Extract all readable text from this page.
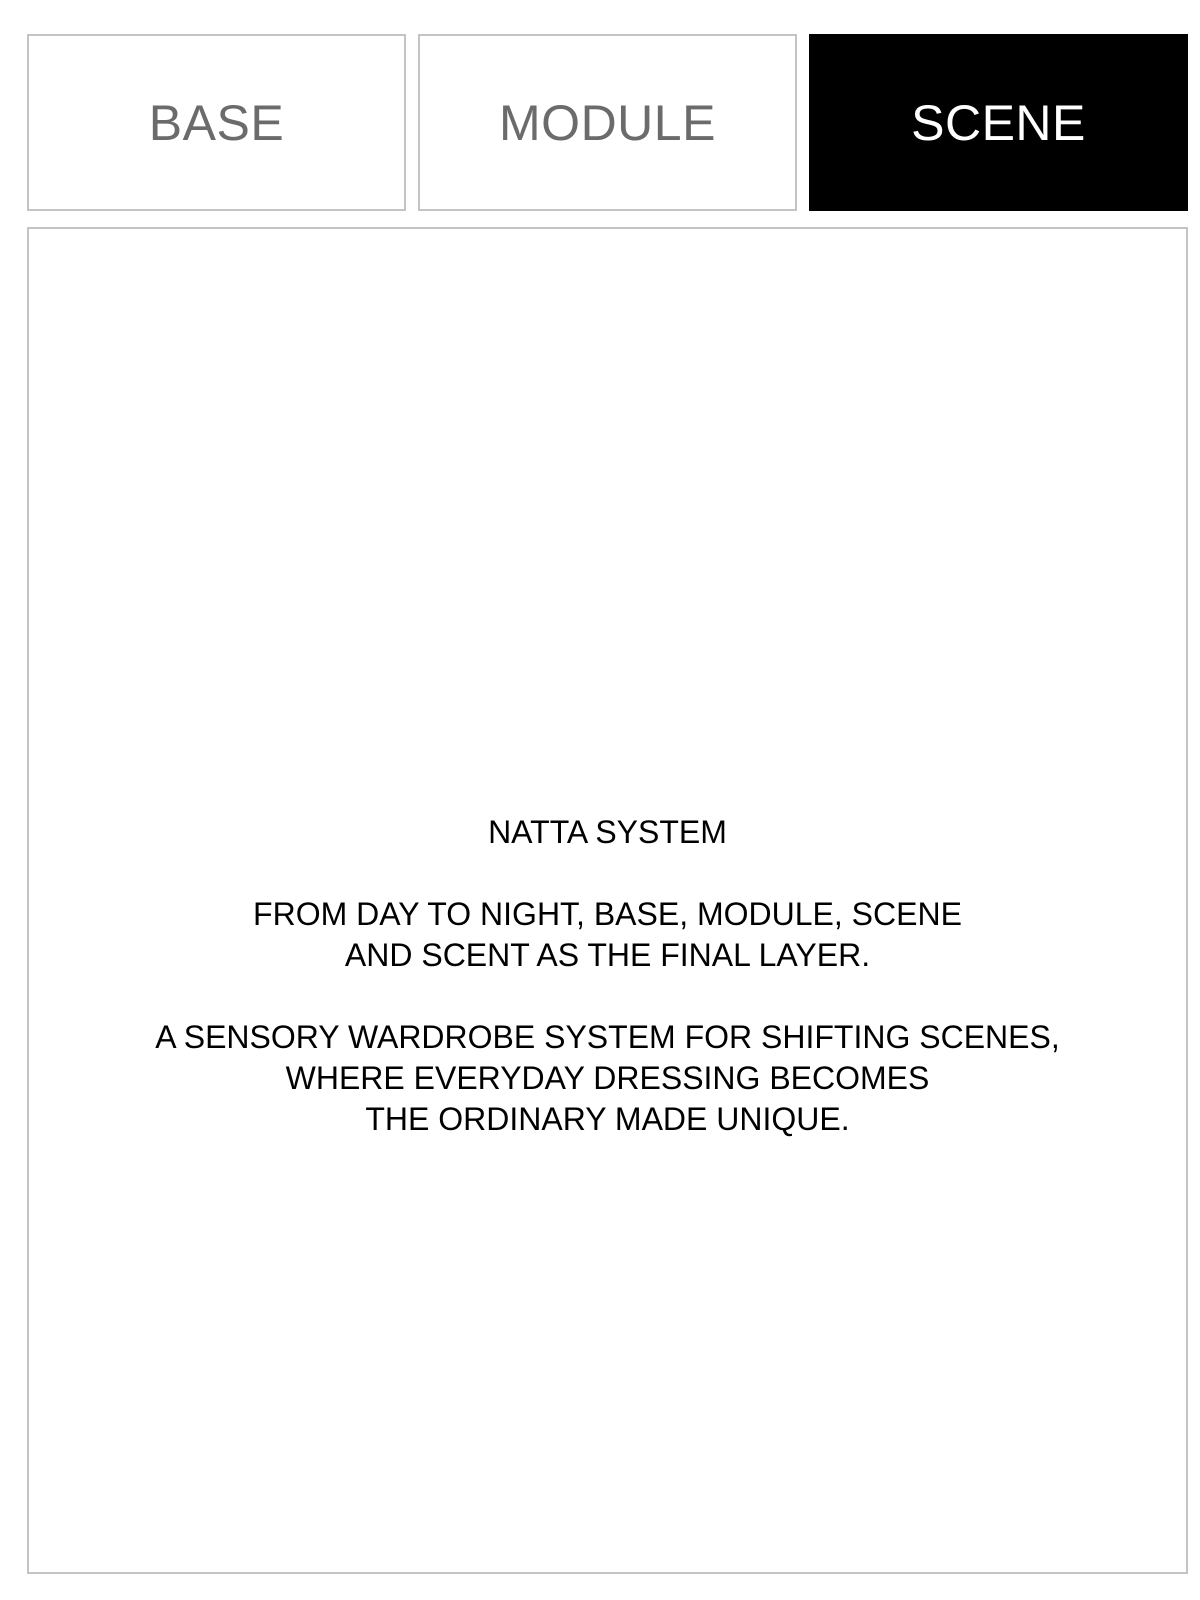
BASE	MODULE	SCENE
NATTA SYSTEM
FROM DAY TO NIGHT, BASE, MODULE, SCENE
AND SCENT AS THE FINAL LAYER.
A SENSORY WARDROBE SYSTEM FOR SHIFTING SCENES,
WHERE EVERYDAY DRESSING BECOMES
THE ORDINARY MADE UNIQUE.
